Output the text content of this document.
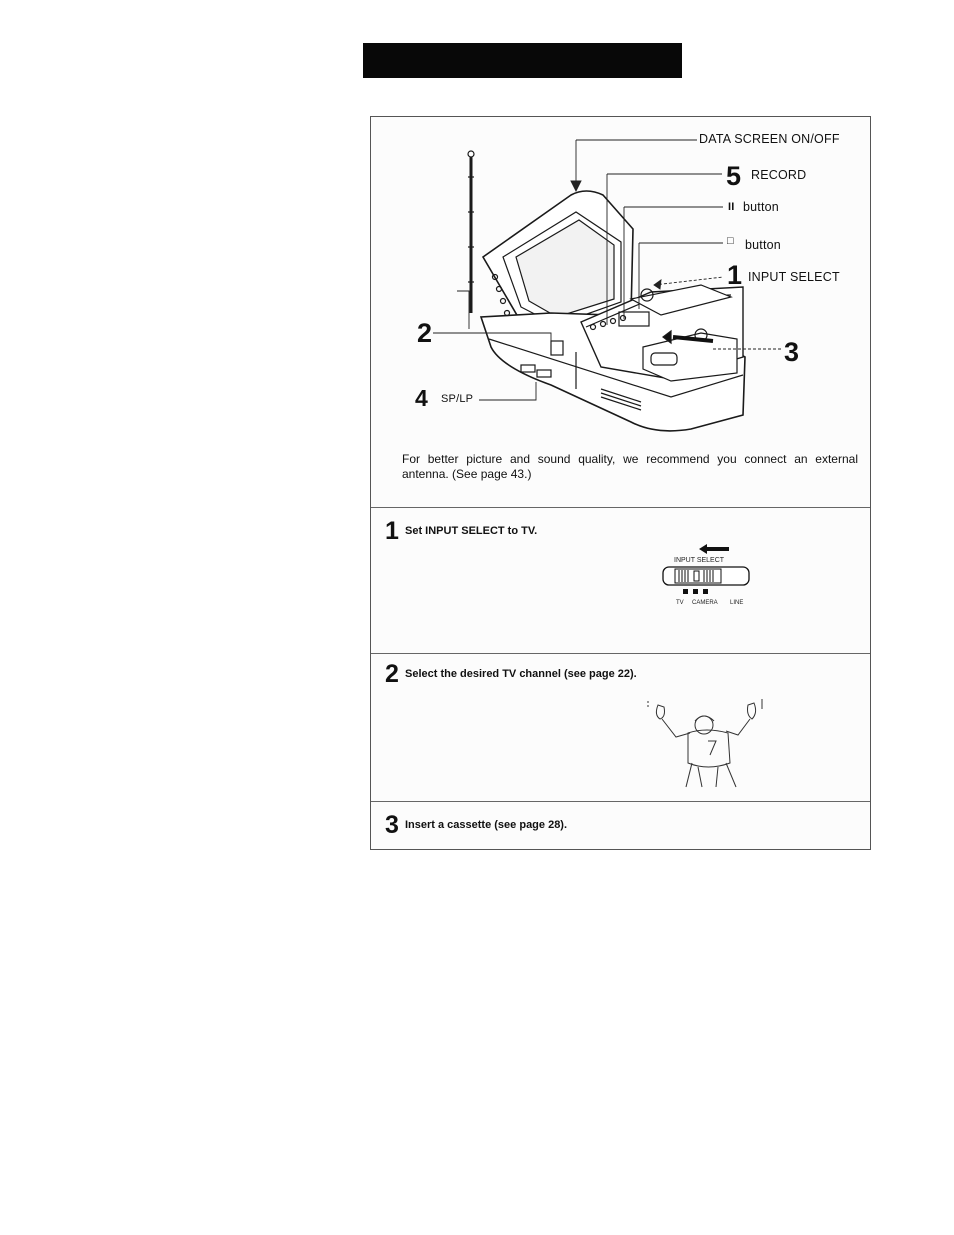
DATA SCREEN ON/OFF
5 RECORD
II button
□ button
1 INPUT SELECT
2
3
4 SP/LP
For better picture and sound quality, we recommend you connect an external antenna. (See page 43.)
1 Set INPUT SELECT to TV.
INPUT SELECT
TV CAMERA LINE
2 Select the desired TV channel (see page 22).
3 Insert a cassette (see page 28).
